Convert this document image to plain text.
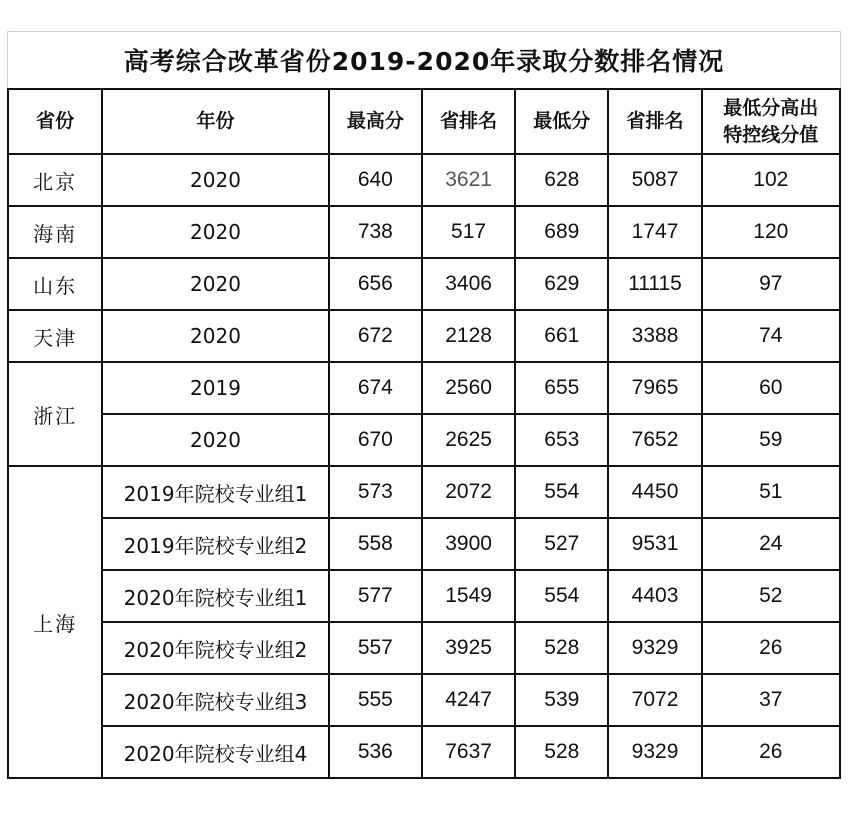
高考综合改革省份2019-2020年录取分数排名情况
省份	年份	最高分	省排名	最低分	省排名	最低分高出
特控线分值
北京	2020	640	3621	628	5087	102
海南	2020	738	517	689	1747	120
山东	2020	656	3406	629	11115	97
天津	2020	672	2128	661	3388	74
浙江	2019	674	2560	655	7965	60
	2020	670	2625	653	7652	59
上海	2019年院校专业组1	573	2072	554	4450	51
	2019年院校专业组2	558	3900	527	9531	24
	2020年院校专业组1	577	1549	554	4403	52
	2020年院校专业组2	557	3925	528	9329	26
	2020年院校专业组3	555	4247	539	7072	37
	2020年院校专业组4	536	7637	528	9329	26
